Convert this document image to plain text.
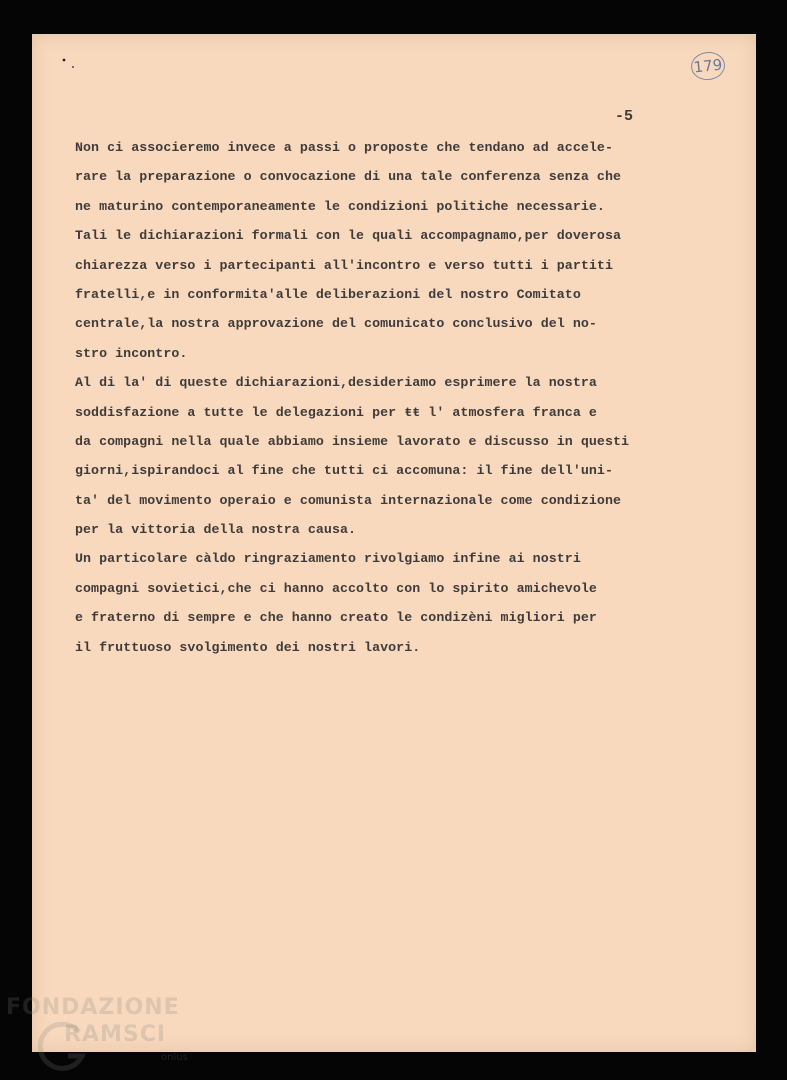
179
-5
Non ci associeremo invece a passi o proposte che tendano ad accele-
rare la preparazione o convocazione di una tale conferenza senza che
ne maturino contemporaneamente le condizioni politiche necessarie.
Tali le dichiarazioni formali con le quali accompagnamo,per doverosa
chiarezza verso i partecipanti all'incontro e verso tutti i partiti
fratelli,e in conformita'alle deliberazioni del nostro Comitato
centrale,la nostra approvazione del comunicato conclusivo del no-
stro incontro.
Al di la' di queste dichiarazioni,desideriamo esprimere la nostra
soddisfazione a tutte le delegazioni per ŧŧ l' atmosfera franca e
da compagni nella quale abbiamo insieme lavorato e discusso in questi
giorni,ispirandoci al fine che tutti ci accomuna: il fine dell'uni-
ta' del movimento operaio e comunista internazionale come condizione
per la vittoria della nostra causa.
Un particolare càldo ringraziamento rivolgiamo infine ai nostri
compagni sovietici,che ci hanno accolto con lo spirito amichevole
e fraterno di sempre e che hanno creato le condizèni migliori per
il fruttuoso svolgimento dei nostri lavori.
FONDAZIONE
RAMSCI
onlus
